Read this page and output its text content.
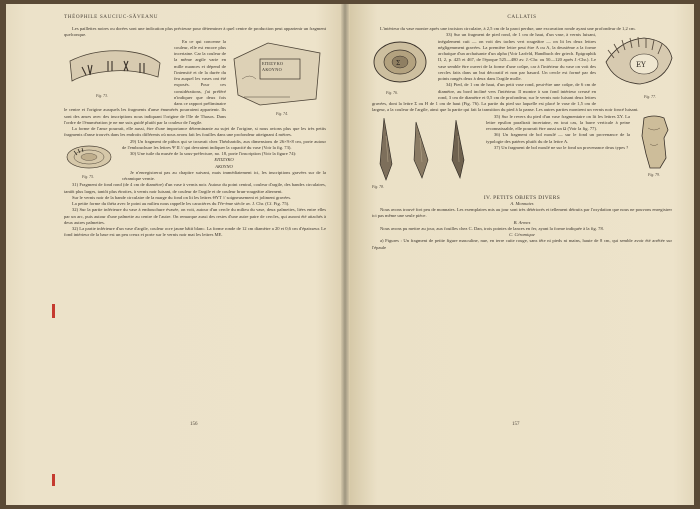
THÉOPHILE SAUCIUC-SĂVEANU

Les paillettes noires ou dorées sont une indication plus précieuse pour déterminer à quel centre de production peut appartenir un fragment quelconque.

Fig. 73.
ΕΠΙΞΥΚΟ
ΑΚΟΥΝΟ
Fig. 74.

En ce qui concerne la couleur, elle est encore plus incertaine. Car la couleur de la même argile varie en mille nuances et dépend de l'intensité et de la durée du feu auquel les vases ont été exposés. Pour ces considérations, j'ai préféré n'indiquer que deux fois dans ce rapport préliminaire le centre et l'origine auxquels les fragments d'anse énumérés pourraient appartenir. Ils sont des anses avec des inscriptions nous indiquant l'origine de l'île de Thasos. Dans l'ordre de l'énumération je ne me suis guidé plutôt par la couleur de l'argile.

La forme de l'anse pourrait, elle aussi, être d'une importance déterminante au sujet de l'origine, si nous avions plus que les très petits fragments d'anse trouvés dans les endroits différents où nous avons fait les fouilles dans une profondeur atteignant 4 mètres.

Fig. 75.

29) Un fragment de pithos qui se trouvait chez Théoharidis, aux dimensions de 26×9×8 cm, porte autour de l'embouchure les lettres Ψ II // qui devraient indiquer la capacité du vase (Voir la fig. 73).

30) Une tuile du musée de la sous-préfecture, no. 18, porte l'inscription (Voir la figure 74):

ΕΠΙΞΥΚΟ
ΑΚΟΥΝΟ

Je n'enregistrerai pas au chapitre suivant, mais immédiatement ici, les inscriptions gravées sur de la céramique vernie.

31) Fragment de fond rond (de 4 cm de diamètre) d'un vase à vernis noir. Autour du point central, couleur d'argile, des bandes circulaires, tantôt plus larges, tantôt plus étroites, à vernis noir luisant, de couleur de l'argile et de couleur brun-rougeâtre alternent.

Sur le vernis noir de la bande circulaire de la marge du fond on lit les lettres ΘΥΤ // soigneusement et joliment gravées.

La petite forme du théta avec le point au milieu nous rappelle les caractères du IVe-ème siècle av. J. Chr. (Cf. Fig. 75).

32) Sur la partie inférieure du vase à embouchure évasée, on voit, autour d'un cercle du milieu du vase, deux palmettes, liées entre elles par un arc, puis autour d'une palmette au centre de l'autre. On remarque aussi des restes d'une autre paire de cercles, qui auront été attachés à deux autres palmettes.

32) La partie inférieure d'un vase d'argile, couleur ocre jaune bâtit blanc. La forme ronde de 12 cm diamètre a 20 et 0,6 cm d'épaisseur. Le fond intérieur de la base est un peu creux et porte sur le vernis noir mat les lettres ME.

156
CALLATIS

L'intérieur du vase montre après une incision circulaire, à 2,5 cm de la paroi perdue, une excavation ronde ayant une profondeur de 1,2 cm.

Σ
Fig. 76.
ΕΥ
Fig. 77.

33) Sur un fragment de pied rond, de 1 cm de haut, d'un vase, à vernis luisant, inégalement cuit — on voit des taches vert rougeâtre — on lit les deux lettres négligemment gravées. La première lettre peut être A ou A, la deuxième a la forme archaïque d'un archaïsante d'un alpha (Voir Larfeld, Handbuch der griech. Epigraphik II, 2, p. 425 et 467, de l'époque 525—480 av. J.-Chr. ou 50—120 après J.-Chr.). Le vase semble être ouvert de la forme d'une coûpe, car à l'intérieur du vase on voit des cercles faits dans un but décoratif et non par hasard. Un cercle est formé par des points rangés deux à deux dans l'argile molle.

34) Pied, de 1 cm de haut, d'un petit vase rond, peut-être une coûpe, de 6 cm de diamètre, au bord incliné vers l'intérieur. Il montre à son fond intérieur creusé en rond, 3 cm de diamètre et 0,5 cm de profondeur, sur le vernis noir luisant deux lettres gravées, dont la lettre Σ ou H de 1 cm de haut (Fig. 76). La partie du pied sur laquelle est placé le vase de 1,5 cm de largeur, a la couleur de l'argile, ainsi que la partie qui fait la transition du pied à la panse. Les autres parties montrent un vernis noir foncé luisant.

Fig. 78.
Fig. 79.

35) Sur le revers du pied d'un vase fragmentaire on lit les lettres ΣΥ. La lettre epsilon paraîtrait incertaine, en tout cas, la barre verticale à peine reconnaissable, elle pourrait être aussi un Ω (Voir la fig. 77).

36) Un fragment de bol moulé — sur le fond un provenance de la typologie des patères plutôt du de la lettre A.

37) Un fragment de bol moulé ne sur le fond un provenance deux types ?

IV. PETITS OBJETS DIVERS
A. Monnaies

Nous avons trouvé fort peu de monnaies. Les exemplaires mis au jour sont très détériorés et tellement détruits par l'oxydation que nous ne pouvons enregistrer ici pas même une seule pièce.

B. Armes

Nous avons pu mettre au jour, aux fouilles chez C. Dan, trois pointes de lances en fer, ayant la forme indiquée à la fig. 78.

C. Céramique

a) Figures : Un fragment de petite figure masculine, nue, en terre cuite rouge, sans tête ni pieds ni mains, haute de 8 cm, qui semble avoir été arrêtée sur l'épaule

157
